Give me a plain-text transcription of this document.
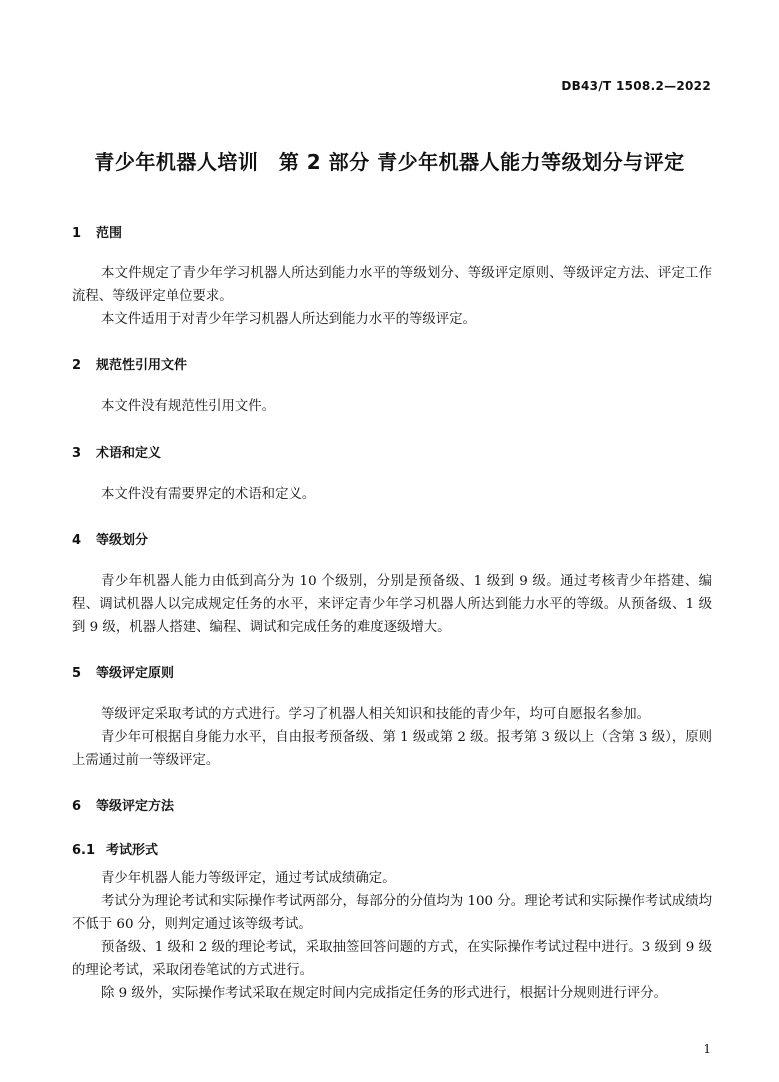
DB43/T 1508.2—2022
青少年机器人培训　第 2 部分 青少年机器人能力等级划分与评定
1 范围
本文件规定了青少年学习机器人所达到能力水平的等级划分、等级评定原则、等级评定方法、评定工作流程、等级评定单位要求。
本文件适用于对青少年学习机器人所达到能力水平的等级评定。
2 规范性引用文件
本文件没有规范性引用文件。
3 术语和定义
本文件没有需要界定的术语和定义。
4 等级划分
青少年机器人能力由低到高分为 10 个级别，分别是预备级、1 级到 9 级。通过考核青少年搭建、编程、调试机器人以完成规定任务的水平，来评定青少年学习机器人所达到能力水平的等级。从预备级、1 级到 9 级，机器人搭建、编程、调试和完成任务的难度逐级增大。
5 等级评定原则
等级评定采取考试的方式进行。学习了机器人相关知识和技能的青少年，均可自愿报名参加。
青少年可根据自身能力水平，自由报考预备级、第 1 级或第 2 级。报考第 3 级以上（含第 3 级），原则上需通过前一等级评定。
6 等级评定方法
6.1 考试形式
青少年机器人能力等级评定，通过考试成绩确定。
考试分为理论考试和实际操作考试两部分，每部分的分值均为 100 分。理论考试和实际操作考试成绩均不低于 60 分，则判定通过该等级考试。
预备级、1 级和 2 级的理论考试，采取抽签回答问题的方式，在实际操作考试过程中进行。3 级到 9 级的理论考试，采取闭卷笔试的方式进行。
除 9 级外，实际操作考试采取在规定时间内完成指定任务的形式进行，根据计分规则进行评分。
1
